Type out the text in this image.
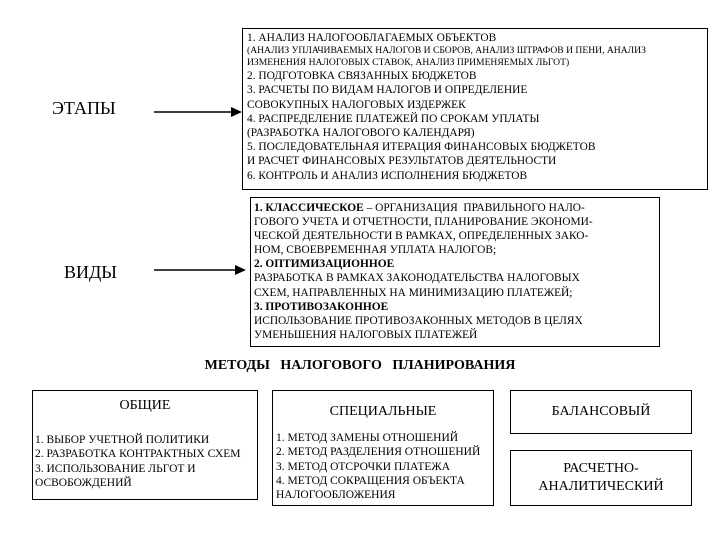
ЭТАПЫ
1. АНАЛИЗ НАЛОГООБЛАГАЕМЫХ ОБЪЕКТОВ
(АНАЛИЗ УПЛАЧИВАЕМЫХ НАЛОГОВ И СБОРОВ, АНАЛИЗ ШТРАФОВ И ПЕНИ, АНАЛИЗ
ИЗМЕНЕНИЯ НАЛОГОВЫХ СТАВОК, АНАЛИЗ ПРИМЕНЯЕМЫХ ЛЬГОТ)
2. ПОДГОТОВКА СВЯЗАННЫХ БЮДЖЕТОВ
3. РАСЧЕТЫ ПО ВИДАМ НАЛОГОВ И ОПРЕДЕЛЕНИЕ
СОВОКУПНЫХ НАЛОГОВЫХ ИЗДЕРЖЕК
4. РАСПРЕДЕЛЕНИЕ ПЛАТЕЖЕЙ ПО СРОКАМ УПЛАТЫ
(РАЗРАБОТКА НАЛОГОВОГО КАЛЕНДАРЯ)
5. ПОСЛЕДОВАТЕЛЬНАЯ ИТЕРАЦИЯ ФИНАНСОВЫХ БЮДЖЕТОВ
И РАСЧЕТ ФИНАНСОВЫХ РЕЗУЛЬТАТОВ ДЕЯТЕЛЬНОСТИ
6. КОНТРОЛЬ И АНАЛИЗ ИСПОЛНЕНИЯ БЮДЖЕТОВ
ВИДЫ
1. КЛАССИЧЕСКОЕ – ОРГАНИЗАЦИЯ  ПРАВИЛЬНОГО НАЛО-
ГОВОГО УЧЕТА И ОТЧЕТНОСТИ, ПЛАНИРОВАНИЕ ЭКОНОМИ-
ЧЕСКОЙ ДЕЯТЕЛЬНОСТИ В РАМКАХ, ОПРЕДЕЛЕННЫХ ЗАКО-
НОМ, СВОЕВРЕМЕННАЯ УПЛАТА НАЛОГОВ;
2. ОПТИМИЗАЦИОННОЕ
РАЗРАБОТКА В РАМКАХ ЗАКОНОДАТЕЛЬСТВА НАЛОГОВЫХ
СХЕМ, НАПРАВЛЕННЫХ НА МИНИМИЗАЦИЮ ПЛАТЕЖЕЙ;
3. ПРОТИВОЗАКОННОЕ
ИСПОЛЬЗОВАНИЕ ПРОТИВОЗАКОННЫХ МЕТОДОВ В ЦЕЛЯХ
УМЕНЬШЕНИЯ НАЛОГОВЫХ ПЛАТЕЖЕЙ
МЕТОДЫ   НАЛОГОВОГО   ПЛАНИРОВАНИЯ
ОБЩИЕ
1. ВЫБОР УЧЕТНОЙ ПОЛИТИКИ
2. РАЗРАБОТКА КОНТРАКТНЫХ СХЕМ
3. ИСПОЛЬЗОВАНИЕ ЛЬГОТ И
ОСВОБОЖДЕНИЙ
СПЕЦИАЛЬНЫЕ
1. МЕТОД ЗАМЕНЫ ОТНОШЕНИЙ
2. МЕТОД РАЗДЕЛЕНИЯ ОТНОШЕНИЙ
3. МЕТОД ОТСРОЧКИ ПЛАТЕЖА
4. МЕТОД СОКРАЩЕНИЯ ОБЪЕКТА
НАЛОГООБЛОЖЕНИЯ
БАЛАНСОВЫЙ
РАСЧЕТНО-
АНАЛИТИЧЕСКИЙ
